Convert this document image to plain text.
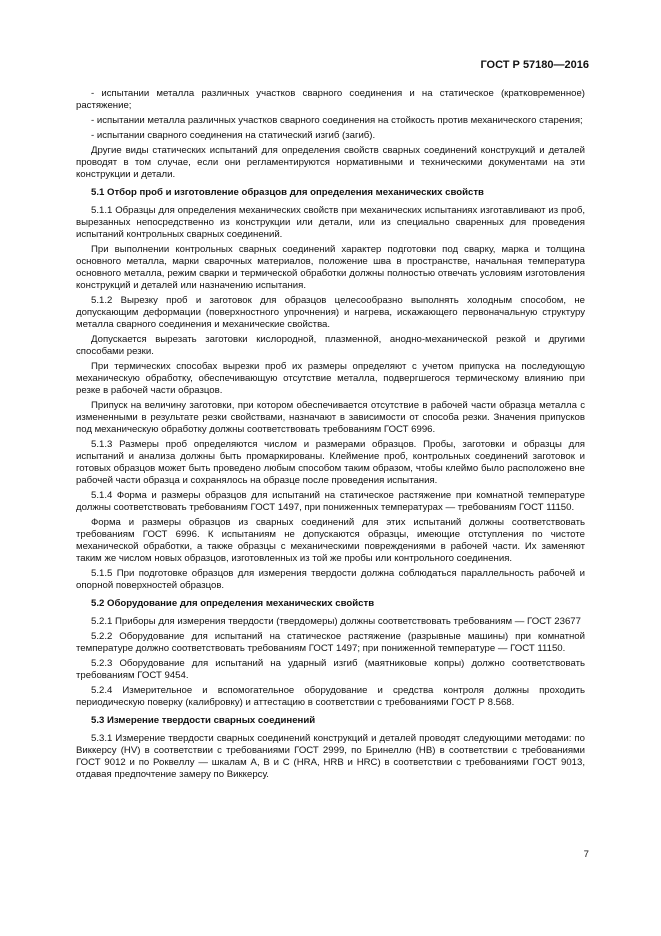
ГОСТ Р 57180—2016

- испытании металла различных участков сварного соединения и на статическое (кратковременное) растяжение;

- испытании металла различных участков сварного соединения на стойкость против механического старения;

- испытании сварного соединения на статический изгиб (загиб).

Другие виды статических испытаний для определения свойств сварных соединений конструкций и деталей проводят в том случае, если они регламентируются нормативными и техническими документами на эти конструкции и детали.

5.1 Отбор проб и изготовление образцов для определения механических свойств

5.1.1 Образцы для определения механических свойств при механических испытаниях изготавливают из проб, вырезанных непосредственно из конструкции или детали, или из специально сваренных для проведения испытаний контрольных сварных соединений.

При выполнении контрольных сварных соединений характер подготовки под сварку, марка и толщина основного металла, марки сварочных материалов, положение шва в пространстве, начальная температура основного металла, режим сварки и термической обработки должны полностью отвечать условиям изготовления конструкций и деталей или назначению испытания.

5.1.2 Вырезку проб и заготовок для образцов целесообразно выполнять холодным способом, не допускающим деформации (поверхностного упрочнения) и нагрева, искажающего первоначальную структуру металла сварного соединения и механические свойства.

Допускается вырезать заготовки кислородной, плазменной, анодно-механической резкой и другими способами резки.

При термических способах вырезки проб их размеры определяют с учетом припуска на последующую механическую обработку, обеспечивающую отсутствие металла, подвергшегося термическому влиянию при резке в рабочей части образцов.

Припуск на величину заготовки, при котором обеспечивается отсутствие в рабочей части образца металла с измененными в результате резки свойствами, назначают в зависимости от способа резки. Значения припусков под механическую обработку должны соответствовать требованиям ГОСТ 6996.

5.1.3 Размеры проб определяются числом и размерами образцов. Пробы, заготовки и образцы для испытаний и анализа должны быть промаркированы. Клеймение проб, контрольных соединений заготовок и готовых образцов может быть проведено любым способом таким образом, чтобы клеймо было расположено вне рабочей части образца и сохранялось на образце после проведения испытания.

5.1.4 Форма и размеры образцов для испытаний на статическое растяжение при комнатной температуре должны соответствовать требованиям ГОСТ 1497, при пониженных температурах — требованиям ГОСТ 11150.

Форма и размеры образцов из сварных соединений для этих испытаний должны соответствовать требованиям ГОСТ 6996. К испытаниям не допускаются образцы, имеющие отступления по чистоте механической обработки, а также образцы с механическими повреждениями в рабочей части. Их заменяют таким же числом новых образцов, изготовленных из той же пробы или контрольного соединения.

5.1.5 При подготовке образцов для измерения твердости должна соблюдаться параллельность рабочей и опорной поверхностей образцов.

5.2 Оборудование для определения механических свойств

5.2.1 Приборы для измерения твердости (твердомеры) должны соответствовать требованиям — ГОСТ 23677

5.2.2 Оборудование для испытаний на статическое растяжение (разрывные машины) при комнатной температуре должно соответствовать требованиям ГОСТ 1497; при пониженной температуре — ГОСТ 11150.

5.2.3 Оборудование для испытаний на ударный изгиб (маятниковые копры) должно соответствовать требованиям ГОСТ 9454.

5.2.4 Измерительное и вспомогательное оборудование и средства контроля должны проходить периодическую поверку (калибровку) и аттестацию в соответствии с требованиями ГОСТ Р 8.568.

5.3 Измерение твердости сварных соединений

5.3.1 Измерение твердости сварных соединений конструкций и деталей проводят следующими методами: по Виккерсу (HV) в соответствии с требованиями ГОСТ 2999, по Бринеллю (НВ) в соответствии с требованиями ГОСТ 9012 и по Роквеллу — шкалам А, В и С (HRA, HRB и HRC) в соответствии с требованиями ГОСТ 9013, отдавая предпочтение замеру по Виккерсу.

7
